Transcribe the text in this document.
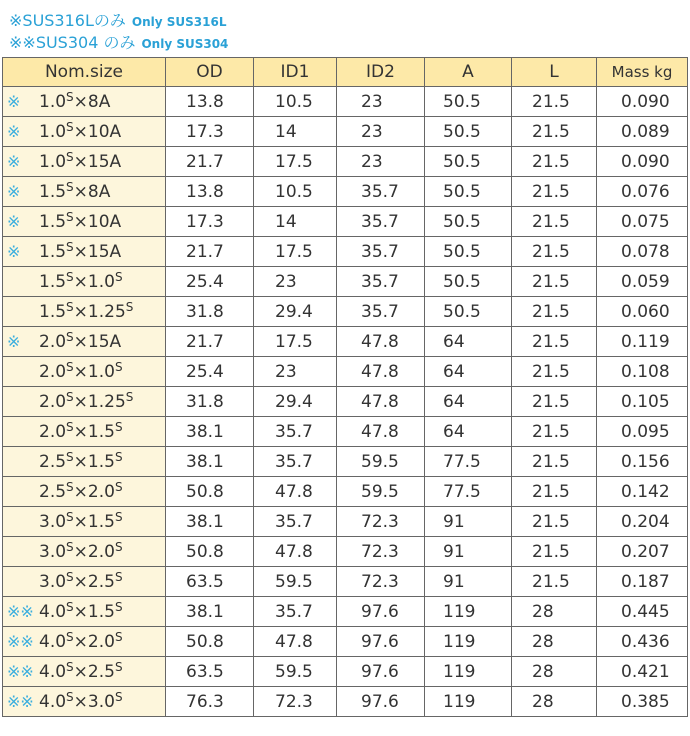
※SUS316Lのみ Only SUS316L
※※SUS304 のみ Only SUS304
Nom.size	OD	ID1	ID2	A	L	Mass kg
※ $1.0^S\times 8A$	13.8	10.5	23	50.5	21.5	0.090
※ $1.0^S\times 10A$	17.3	14	23	50.5	21.5	0.089
※ $1.0^S\times 15A$	21.7	17.5	23	50.5	21.5	0.090
※ $1.5^S\times 8A$	13.8	10.5	35.7	50.5	21.5	0.076
※ $1.5^S\times 10A$	17.3	14	35.7	50.5	21.5	0.075
※ $1.5^S\times 15A$	21.7	17.5	35.7	50.5	21.5	0.078
$1.5^S\times 1.0^S$	25.4	23	35.7	50.5	21.5	0.059
$1.5^S\times 1.25^S$	31.8	29.4	35.7	50.5	21.5	0.060
※ $2.0^S\times 15A$	21.7	17.5	47.8	64	21.5	0.119
$2.0^S\times 1.0^S$	25.4	23	47.8	64	21.5	0.108
$2.0^S\times 1.25^S$	31.8	29.4	47.8	64	21.5	0.105
$2.0^S\times 1.5^S$	38.1	35.7	47.8	64	21.5	0.095
$2.5^S\times 1.5^S$	38.1	35.7	59.5	77.5	21.5	0.156
$2.5^S\times 2.0^S$	50.8	47.8	59.5	77.5	21.5	0.142
$3.0^S\times 1.5^S$	38.1	35.7	72.3	91	21.5	0.204
$3.0^S\times 2.0^S$	50.8	47.8	72.3	91	21.5	0.207
$3.0^S\times 2.5^S$	63.5	59.5	72.3	91	21.5	0.187
※※ $4.0^S\times 1.5^S$	38.1	35.7	97.6	119	28	0.445
※※ $4.0^S\times 2.0^S$	50.8	47.8	97.6	119	28	0.436
※※ $4.0^S\times 2.5^S$	63.5	59.5	97.6	119	28	0.421
※※ $4.0^S\times 3.0^S$	76.3	72.3	97.6	119	28	0.385
